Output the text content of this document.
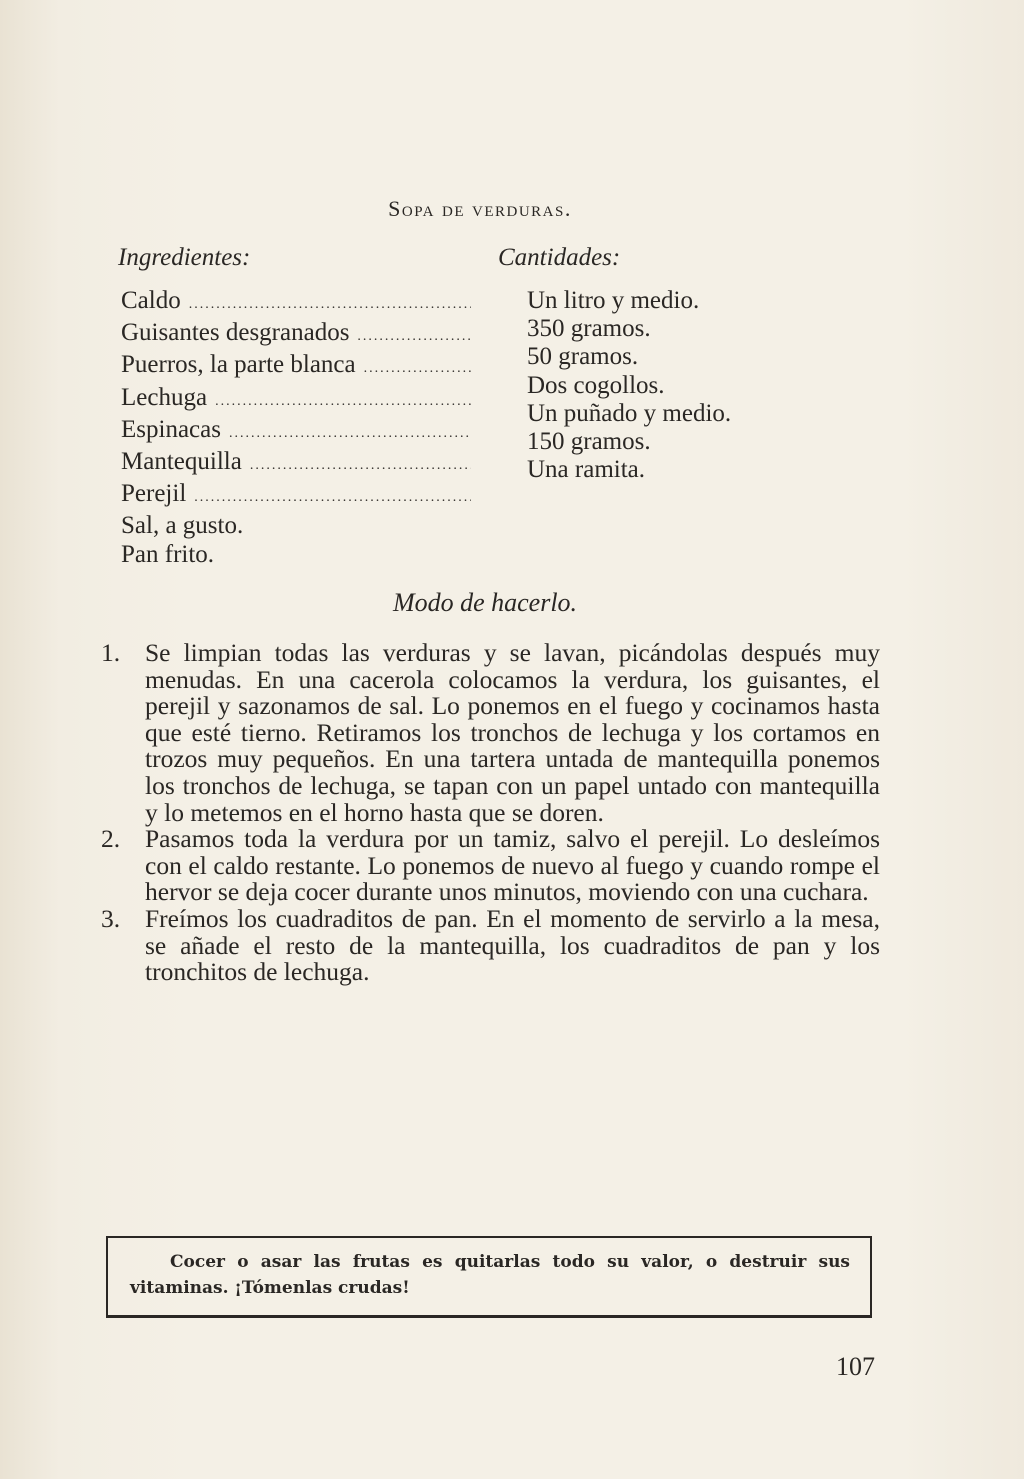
Sopa de verduras.
Ingredientes:	Cantidades:
Caldo
.....
Guisantes desgranados
.....
Puerros, la parte blanca
.....
Lechuga
.....
Espinacas
.....
Mantequilla
.....
Perejil
.....
Sal, a gusto.
Pan frito.
Un litro y medio.
350 gramos.
50 gramos.
Dos cogollos.
Un puñado y medio.
150 gramos.
Una ramita.
Modo de hacerlo.
1. Se limpian todas las verduras y se lavan, picándolas después muy menudas. En una cacerola colocamos la verdura, los guisantes, el perejil y sazonamos de sal. Lo ponemos en el fuego y cocinamos hasta que esté tierno. Retiramos los tronchos de lechuga y los cortamos en trozos muy pequeños. En una tartera untada de mantequilla ponemos los tronchos de lechuga, se tapan con un papel untado con mantequilla y lo metemos en el horno hasta que se doren.
2. Pasamos toda la verdura por un tamiz, salvo el perejil. Lo desleímos con el caldo restante. Lo ponemos de nuevo al fuego y cuando rompe el hervor se deja cocer durante unos minutos, moviendo con una cuchara.
3. Freímos los cuadraditos de pan. En el momento de servirlo a la mesa, se añade el resto de la mantequilla, los cuadraditos de pan y los tronchitos de lechuga.
Cocer o asar las frutas es quitarlas todo su valor, o destruir sus vitaminas. ¡Tómenlas crudas!
107
